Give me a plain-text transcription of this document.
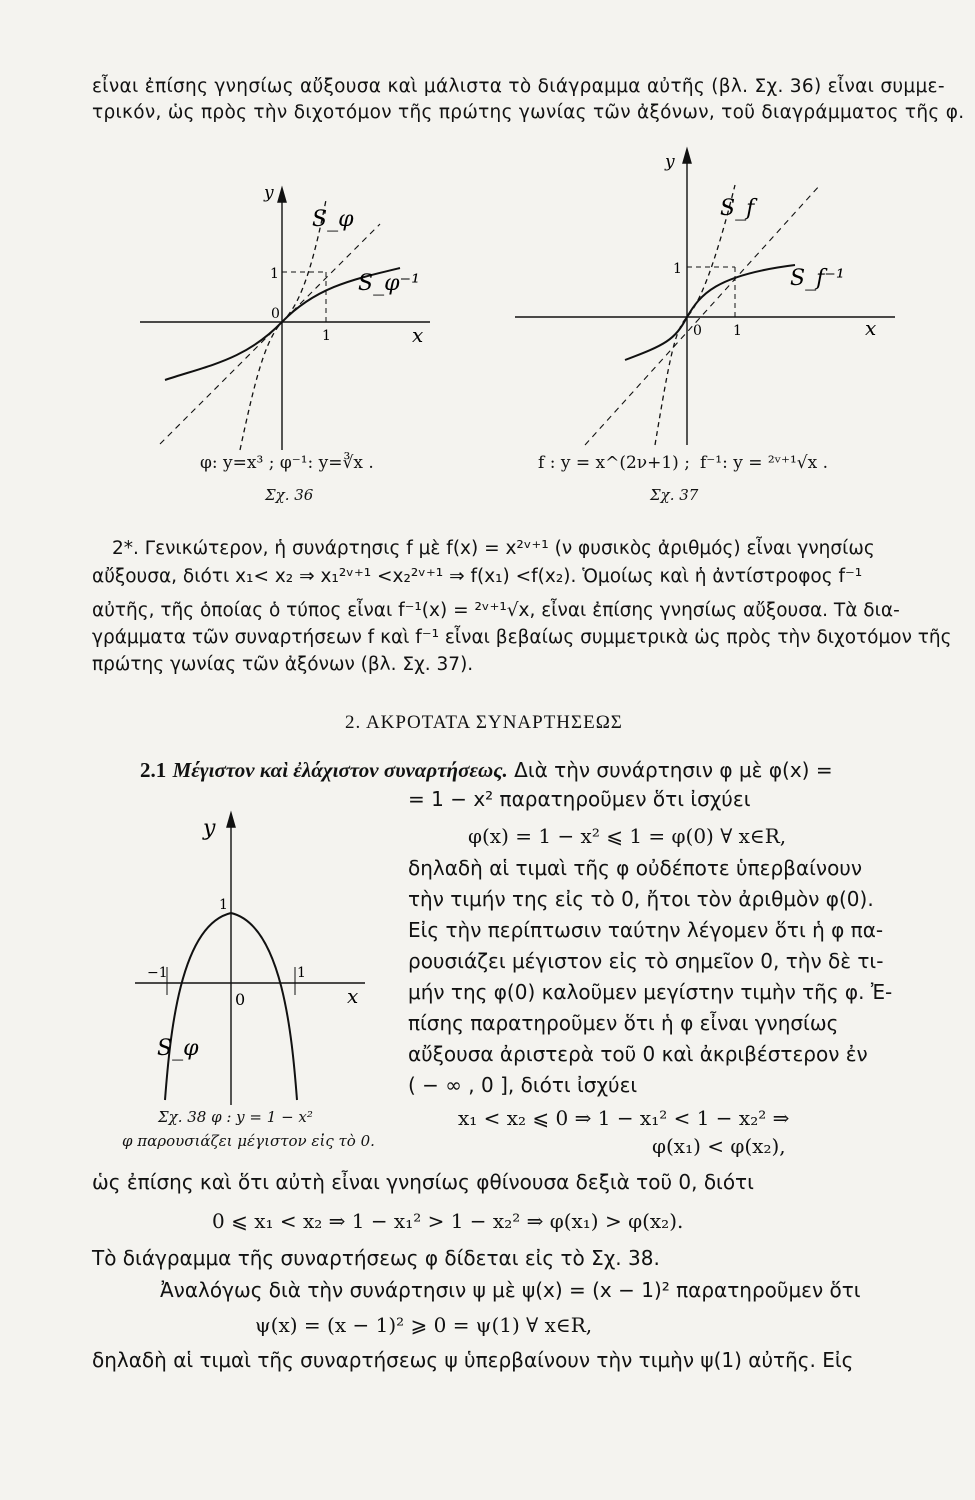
εἶναι ἐπίσης γνησίως αὔξουσα καὶ μάλιστα τὸ διάγραμμα αὐτῆς (βλ. Σχ. 36) εἶναι συμμε-
τρικόν, ὡς πρὸς τὴν διχοτόμον τῆς πρώτης γωνίας τῶν ἀξόνων, τοῦ διαγράμματος τῆς φ.
y
x
1
1
0
S_φ
S_φ⁻¹
φ: y=x³ ; φ⁻¹: y=∛x .
Σχ. 36
y
x
1
1
0
S_f
S_f⁻¹
f : y = x^(2ν+1) ; f⁻¹: y = ²ᵛ⁺¹√x .
Σχ. 37
2*. Γενικώτερον, ἡ συνάρτησις f μὲ f(x) = x²ᵛ⁺¹ (ν φυσικὸς ἀριθμός) εἶναι γνησίως
αὔξουσα, διότι x₁< x₂ ⇒ x₁²ᵛ⁺¹ <x₂²ᵛ⁺¹ ⇒ f(x₁) <f(x₂). Ὁμοίως καὶ ἡ ἀντίστροφος f⁻¹
αὐτῆς, τῆς ὁποίας ὁ τύπος εἶναι f⁻¹(x) = ²ᵛ⁺¹√x, εἶναι ἐπίσης γνησίως αὔξουσα. Τὰ δια-
γράμματα τῶν συναρτήσεων f καὶ f⁻¹ εἶναι βεβαίως συμμετρικὰ ὡς πρὸς τὴν διχοτόμον τῆς
πρώτης γωνίας τῶν ἀξόνων (βλ. Σχ. 37).
2. ΑΚΡΟΤΑΤΑ ΣΥΝΑΡΤΗΣΕΩΣ
2.1 Μέγιστον καὶ ἐλάχιστον συναρτήσεως. Διὰ τὴν συνάρτησιν φ μὲ φ(x) =
= 1 − x² παρατηροῦμεν ὅτι ἰσχύει
φ(x) = 1 − x² ⩽ 1 = φ(0) ∀ x∈R,
δηλαδὴ αἱ τιμαὶ τῆς φ οὐδέποτε ὑπερβαίνουν
τὴν τιμήν της εἰς τὸ 0, ἤτοι τὸν ἀριθμὸν φ(0).
Εἰς τὴν περίπτωσιν ταύτην λέγομεν ὅτι ἡ φ πα-
ρουσιάζει μέγιστον εἰς τὸ σημεῖον 0, τὴν δὲ τι-
μήν της φ(0) καλοῦμεν μεγίστην τιμὴν τῆς φ. Ἐ-
πίσης παρατηροῦμεν ὅτι ἡ φ εἶναι γνησίως
αὔξουσα ἀριστερὰ τοῦ 0 καὶ ἀκριβέστερον ἐν
( − ∞ , 0 ], διότι ἰσχύει
x₁ < x₂ ⩽ 0 ⇒ 1 − x₁² < 1 − x₂² ⇒
φ(x₁) < φ(x₂),
y
x
1
−1	1
0
S_φ
Σχ. 38 φ : y = 1 − x²
φ παρουσιάζει μέγιστον εἰς τὸ 0.
ὡς ἐπίσης καὶ ὅτι αὐτὴ εἶναι γνησίως φθίνουσα δεξιὰ τοῦ 0, διότι
0 ⩽ x₁ < x₂ ⇒ 1 − x₁² > 1 − x₂² ⇒ φ(x₁) > φ(x₂).
Τὸ διάγραμμα τῆς συναρτήσεως φ δίδεται εἰς τὸ Σχ. 38.
Ἀναλόγως διὰ τὴν συνάρτησιν ψ μὲ ψ(x) = (x − 1)² παρατηροῦμεν ὅτι
ψ(x) = (x − 1)² ⩾ 0 = ψ(1) ∀ x∈R,
δηλαδὴ αἱ τιμαὶ τῆς συναρτήσεως ψ ὑπερβαίνουν τὴν τιμὴν ψ(1) αὐτῆς. Εἰς
